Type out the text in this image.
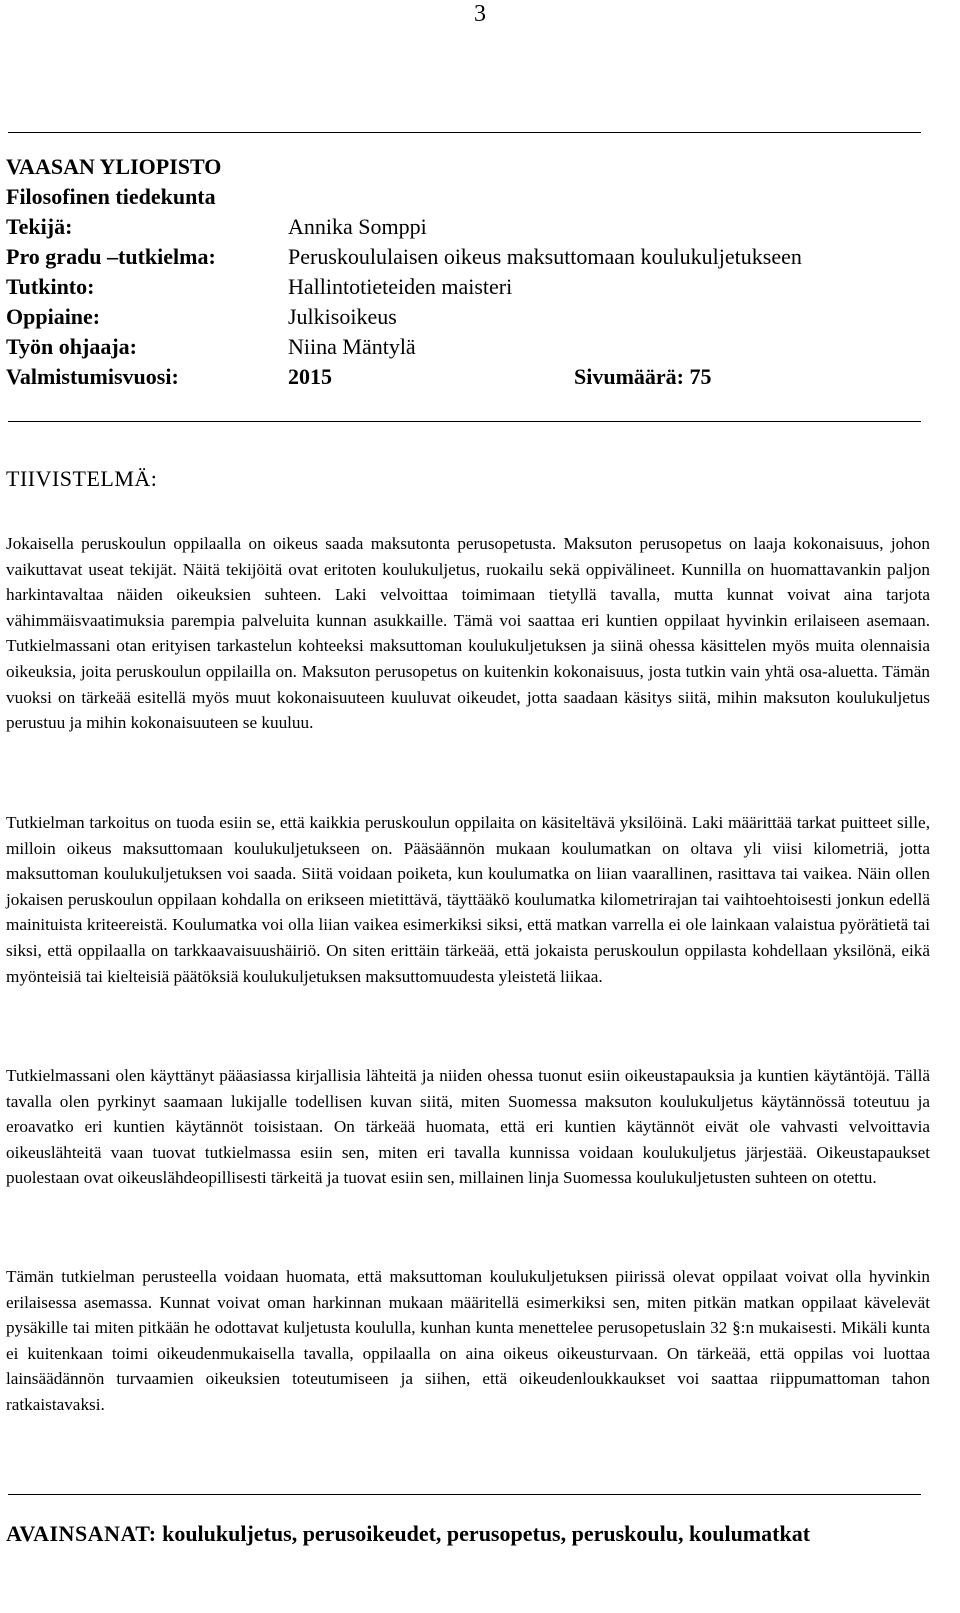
3
VAASAN YLIOPISTO
Filosofinen tiedekunta
Tekijä:	Annika Somppi
Pro gradu –tutkielma:	Peruskoululaisen oikeus maksuttomaan koulukuljetukseen
Tutkinto:	Hallintotieteiden maisteri
Oppiaine:	Julkisoikeus
Työn ohjaaja:	Niina Mäntylä
Valmistumisvuosi:	2015	Sivumäärä: 75
TIIVISTELMÄ:
Jokaisella peruskoulun oppilaalla on oikeus saada maksutonta perusopetusta. Maksuton perusopetus on laaja kokonaisuus, johon vaikuttavat useat tekijät. Näitä tekijöitä ovat eritoten koulukuljetus, ruokailu sekä oppivälineet. Kunnilla on huomattavankin paljon harkintavaltaa näiden oikeuksien suhteen. Laki velvoittaa toimimaan tietyllä tavalla, mutta kunnat voivat aina tarjota vähimmäisvaatimuksia parempia palveluita kunnan asukkaille. Tämä voi saattaa eri kuntien oppilaat hyvinkin erilaiseen asemaan. Tutkielmassani otan erityisen tarkastelun kohteeksi maksuttoman koulukuljetuksen ja siinä ohessa käsittelen myös muita olennaisia oikeuksia, joita peruskoulun oppilailla on. Maksuton perusopetus on kuitenkin kokonaisuus, josta tutkin vain yhtä osa-aluetta. Tämän vuoksi on tärkeää esitellä myös muut kokonaisuuteen kuuluvat oikeudet, jotta saadaan käsitys siitä, mihin maksuton koulukuljetus perustuu ja mihin kokonaisuuteen se kuuluu.
Tutkielman tarkoitus on tuoda esiin se, että kaikkia peruskoulun oppilaita on käsiteltävä yksilöinä. Laki määrittää tarkat puitteet sille, milloin oikeus maksuttomaan koulukuljetukseen on. Pääsäännön mukaan koulumatkan on oltava yli viisi kilometriä, jotta maksuttoman koulukuljetuksen voi saada. Siitä voidaan poiketa, kun koulumatka on liian vaarallinen, rasittava tai vaikea. Näin ollen jokaisen peruskoulun oppilaan kohdalla on erikseen mietittävä, täyttääkö koulumatka kilometrirajan tai vaihtoehtoisesti jonkun edellä mainituista kriteereistä. Koulumatka voi olla liian vaikea esimerkiksi siksi, että matkan varrella ei ole lainkaan valaistua pyörätietä tai siksi, että oppilaalla on tarkkaavaisuushäiriö. On siten erittäin tärkeää, että jokaista peruskoulun oppilasta kohdellaan yksilönä, eikä myönteisiä tai kielteisiä päätöksiä koulukuljetuksen maksuttomuudesta yleistetä liikaa.
Tutkielmassani olen käyttänyt pääasiassa kirjallisia lähteitä ja niiden ohessa tuonut esiin oikeustapauksia ja kuntien käytäntöjä. Tällä tavalla olen pyrkinyt saamaan lukijalle todellisen kuvan siitä, miten Suomessa maksuton koulukuljetus käytännössä toteutuu ja eroavatko eri kuntien käytännöt toisistaan. On tärkeää huomata, että eri kuntien käytännöt eivät ole vahvasti velvoittavia oikeuslähteitä vaan tuovat tutkielmassa esiin sen, miten eri tavalla kunnissa voidaan koulukuljetus järjestää. Oikeustapaukset puolestaan ovat oikeuslähdeopillisesti tärkeitä ja tuovat esiin sen, millainen linja Suomessa koulukuljetusten suhteen on otettu.
Tämän tutkielman perusteella voidaan huomata, että maksuttoman koulukuljetuksen piirissä olevat oppilaat voivat olla hyvinkin erilaisessa asemassa. Kunnat voivat oman harkinnan mukaan määritellä esimerkiksi sen, miten pitkän matkan oppilaat kävelevät pysäkille tai miten pitkään he odottavat kuljetusta koululla, kunhan kunta menettelee perusopetuslain 32 §:n mukaisesti. Mikäli kunta ei kuitenkaan toimi oikeudenmukaisella tavalla, oppilaalla on aina oikeus oikeusturvaan. On tärkeää, että oppilas voi luottaa lainsäädännön turvaamien oikeuksien toteutumiseen ja siihen, että oikeudenloukkaukset voi saattaa riippumattoman tahon ratkaistavaksi.
AVAINSANAT: koulukuljetus, perusoikeudet, perusopetus, peruskoulu, koulumatkat
